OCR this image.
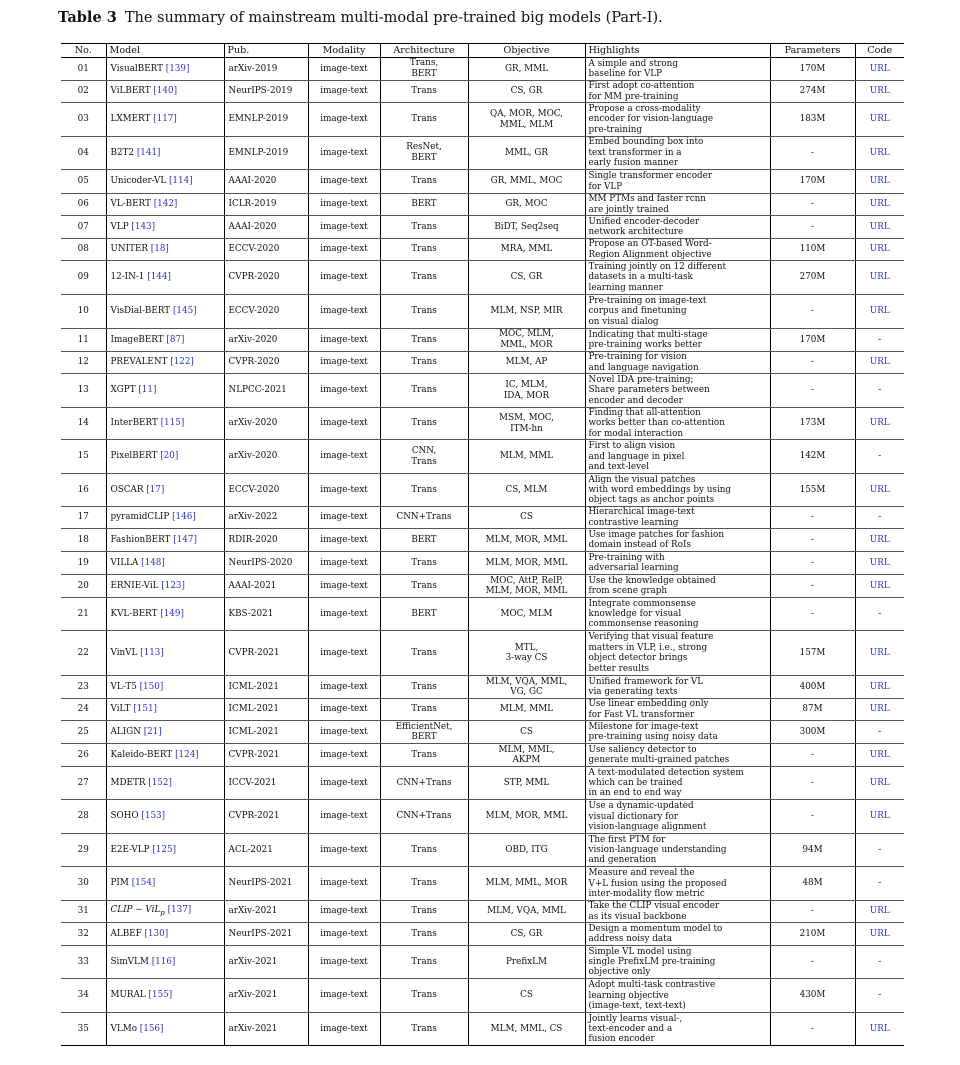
Table 3 The summary of mainstream multi-modal pre-trained big models (Part-I).
No.	Model	Pub.	Modality	Architecture	Objective	Highlights	Parameters	Code
01	VisualBERT [139]	arXiv-2019	image-text	Trans,
BERT	GR, MML	A simple and strong
baseline for VLP	170M	URL
02	ViLBERT [140]	NeurIPS-2019	image-text	Trans	CS, GR	First adopt co-attention
for MM pre-training	274M	URL
03	LXMERT [117]	EMNLP-2019	image-text	Trans	QA, MOR, MOC,
MML, MLM	Propose a cross-modality
encoder for vision-language
pre-training	183M	URL
04	B2T2 [141]	EMNLP-2019	image-text	ResNet,
BERT	MML, GR	Embed bounding box into
text transformer in a
early fusion manner	-	URL
05	Unicoder-VL [114]	AAAI-2020	image-text	Trans	GR, MML, MOC	Single transformer encoder
for VLP	170M	URL
06	VL-BERT [142]	ICLR-2019	image-text	BERT	GR, MOC	MM PTMs and faster rcnn
are jointly trained	-	URL
07	VLP [143]	AAAI-2020	image-text	Trans	BiDT, Seq2seq	Unified encoder-decoder
network architecture	-	URL
08	UNITER [18]	ECCV-2020	image-text	Trans	MRA, MML	Propose an OT-based Word-
Region Alignment objective	110M	URL
09	12-IN-1 [144]	CVPR-2020	image-text	Trans	CS, GR	Training jointly on 12 different
datasets in a multi-task
learning manner	270M	URL
10	VisDial-BERT [145]	ECCV-2020	image-text	Trans	MLM, NSP, MIR	Pre-training on image-text
corpus and finetuning
on visual dialog	-	URL
11	ImageBERT [87]	arXiv-2020	image-text	Trans	MOC, MLM,
MML, MOR	Indicating that multi-stage
pre-training works better	170M	-
12	PREVALENT [122]	CVPR-2020	image-text	Trans	MLM, AP	Pre-training for vision
and language navigation	-	URL
13	XGPT [11]	NLPCC-2021	image-text	Trans	IC, MLM,
IDA, MOR	Novel IDA pre-training;
Share parameters between
encoder and decoder	-	-
14	InterBERT [115]	arXiv-2020	image-text	Trans	MSM, MOC,
ITM-hn	Finding that all-attention
works better than co-attention
for modal interaction	173M	URL
15	PixelBERT [20]	arXiv-2020	image-text	CNN,
Trans	MLM, MML	First to align vision
and language in pixel
and text-level	142M	-
16	OSCAR [17]	ECCV-2020	image-text	Trans	CS, MLM	Align the visual patches
with word embeddings by using
object tags as anchor points	155M	URL
17	pyramidCLIP [146]	arXiv-2022	image-text	CNN+Trans	CS	Hierarchical image-text
contrastive learning	-	-
18	FashionBERT [147]	RDIR-2020	image-text	BERT	MLM, MOR, MML	Use image patches for fashion
domain instead of RoIs	-	URL
19	VILLA [148]	NeurIPS-2020	image-text	Trans	MLM, MOR, MML	Pre-training with
adversarial learning	-	URL
20	ERNIE-ViL [123]	AAAI-2021	image-text	Trans	MOC, AttP, RelP,
MLM, MOR, MML	Use the knowledge obtained
from scene graph	-	URL
21	KVL-BERT [149]	KBS-2021	image-text	BERT	MOC, MLM	Integrate commonsense
knowledge for visual
commonsense reasoning	-	-
22	VinVL [113]	CVPR-2021	image-text	Trans	MTL,
3-way CS	Verifying that visual feature
matters in VLP, i.e., strong
object detector brings
better results	157M	URL
23	VL-T5 [150]	ICML-2021	image-text	Trans	MLM, VQA, MML,
VG, GC	Unified framework for VL
via generating texts	400M	URL
24	ViLT [151]	ICML-2021	image-text	Trans	MLM, MML	Use linear embedding only
for Fast VL transformer	87M	URL
25	ALIGN [21]	ICML-2021	image-text	EfficientNet,
BERT	CS	Milestone for image-text
pre-training using noisy data	300M	-
26	Kaleido-BERT [124]	CVPR-2021	image-text	Trans	MLM, MML,
AKPM	Use saliency detector to
generate multi-grained patches	-	URL
27	MDETR [152]	ICCV-2021	image-text	CNN+Trans	STP, MML	A text-modulated detection system
which can be trained
in an end to end way	-	URL
28	SOHO [153]	CVPR-2021	image-text	CNN+Trans	MLM, MOR, MML	Use a dynamic-updated
visual dictionary for
vision-language alignment	-	URL
29	E2E-VLP [125]	ACL-2021	image-text	Trans	OBD, ITG	The first PTM for
vision-language understanding
and generation	94M	-
30	PIM [154]	NeurIPS-2021	image-text	Trans	MLM, MML, MOR	Measure and reveal the
V+L fusion using the proposed
inter-modality flow metric	48M	-
31	CLIP − ViL$_p$ [137]	arXiv-2021	image-text	Trans	MLM, VQA, MML	Take the CLIP visual encoder
as its visual backbone	-	URL
32	ALBEF [130]	NeurIPS-2021	image-text	Trans	CS, GR	Design a momentum model to
address noisy data	210M	URL
33	SimVLM [116]	arXiv-2021	image-text	Trans	PrefixLM	Simple VL model using
single PrefixLM pre-training
objective only	-	-
34	MURAL [155]	arXiv-2021	image-text	Trans	CS	Adopt multi-task contrastive
learning objective
(image-text, text-text)	430M	-
35	VLMo [156]	arXiv-2021	image-text	Trans	MLM, MML, CS	Jointly learns visual-,
text-encoder and a
fusion encoder	-	URL
